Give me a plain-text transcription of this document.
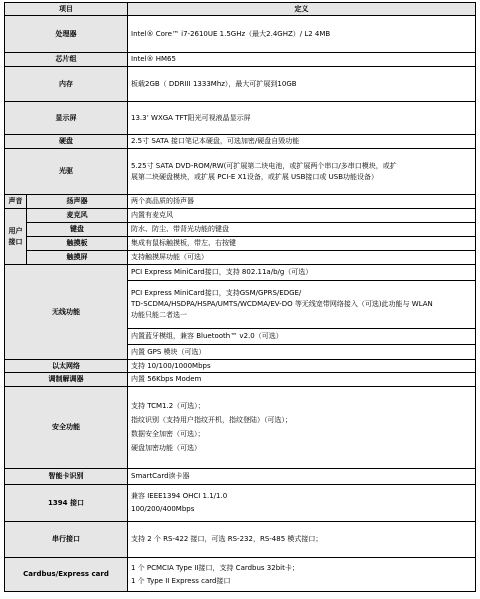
项目		定义
处理器		Intel® Core™ i7-2610UE 1.5GHz（最大2.4GHZ）/ L2 4MB
芯片组		Intel® HM65
内存		板载2GB（ DDRIII 1333Mhz），最大可扩展到10GB
显示屏		13.3’ WXGA TFT阳光可视液晶显示屏
硬盘		2.5寸 SATA 接口笔记本硬盘，可选加密/硬盘自毁功能
光驱		5.25寸 SATA DVD-ROM/RW(可扩展第二块电池，或扩展两个串口/多串口模块，或扩
展第二块硬盘模块，或扩展 PCI-E X1设备，或扩展 USB接口或 USB功能设备）

声音	扬声器	两个高品质的扬声器

用户
接口	麦克风	内置有麦克风
	键盘	防水、防尘、带背光功能的键盘
	触摸板	集成有鼠标触摸板，带左、右按键
	触摸屏	支持触摸屏功能（可选）
无线功能		PCI Express MiniCard接口，支持 802.11a/b/g（可选）

		PCI Express MiniCard接口，支持GSM/GPRS/EDGE/
TD-SCDMA/HSDPA/HSPA/UMTS/WCDMA/EV-DO 等无线宽带网络接入（可选)此功能与 WLAN
功能只能二者选一

		内置蓝牙模组，兼容 Bluetooth™ v2.0（可选）
		内置 GPS 模块（可选）
以太网络		支持 10/100/1000Mbps
调制解调器		内置 56Kbps Modem
安全功能		支持 TCM1.2（可选）；
指纹识别（支持用户指纹开机，指纹登陆）（可选）；
数据安全加密（可选）；
硬盘加密功能（可选）

智能卡识别		SmartCard读卡器
1394 接口		兼容 IEEE1394 OHCI 1.1/1.0
100/200/400Mbps

串行接口		支持 2 个 RS-422 接口，可选 RS-232，RS-485 模式接口；
Cardbus/Express card		1 个 PCMCIA Type II接口，支持 Cardbus 32bit卡；
1 个 Type II Express card接口
